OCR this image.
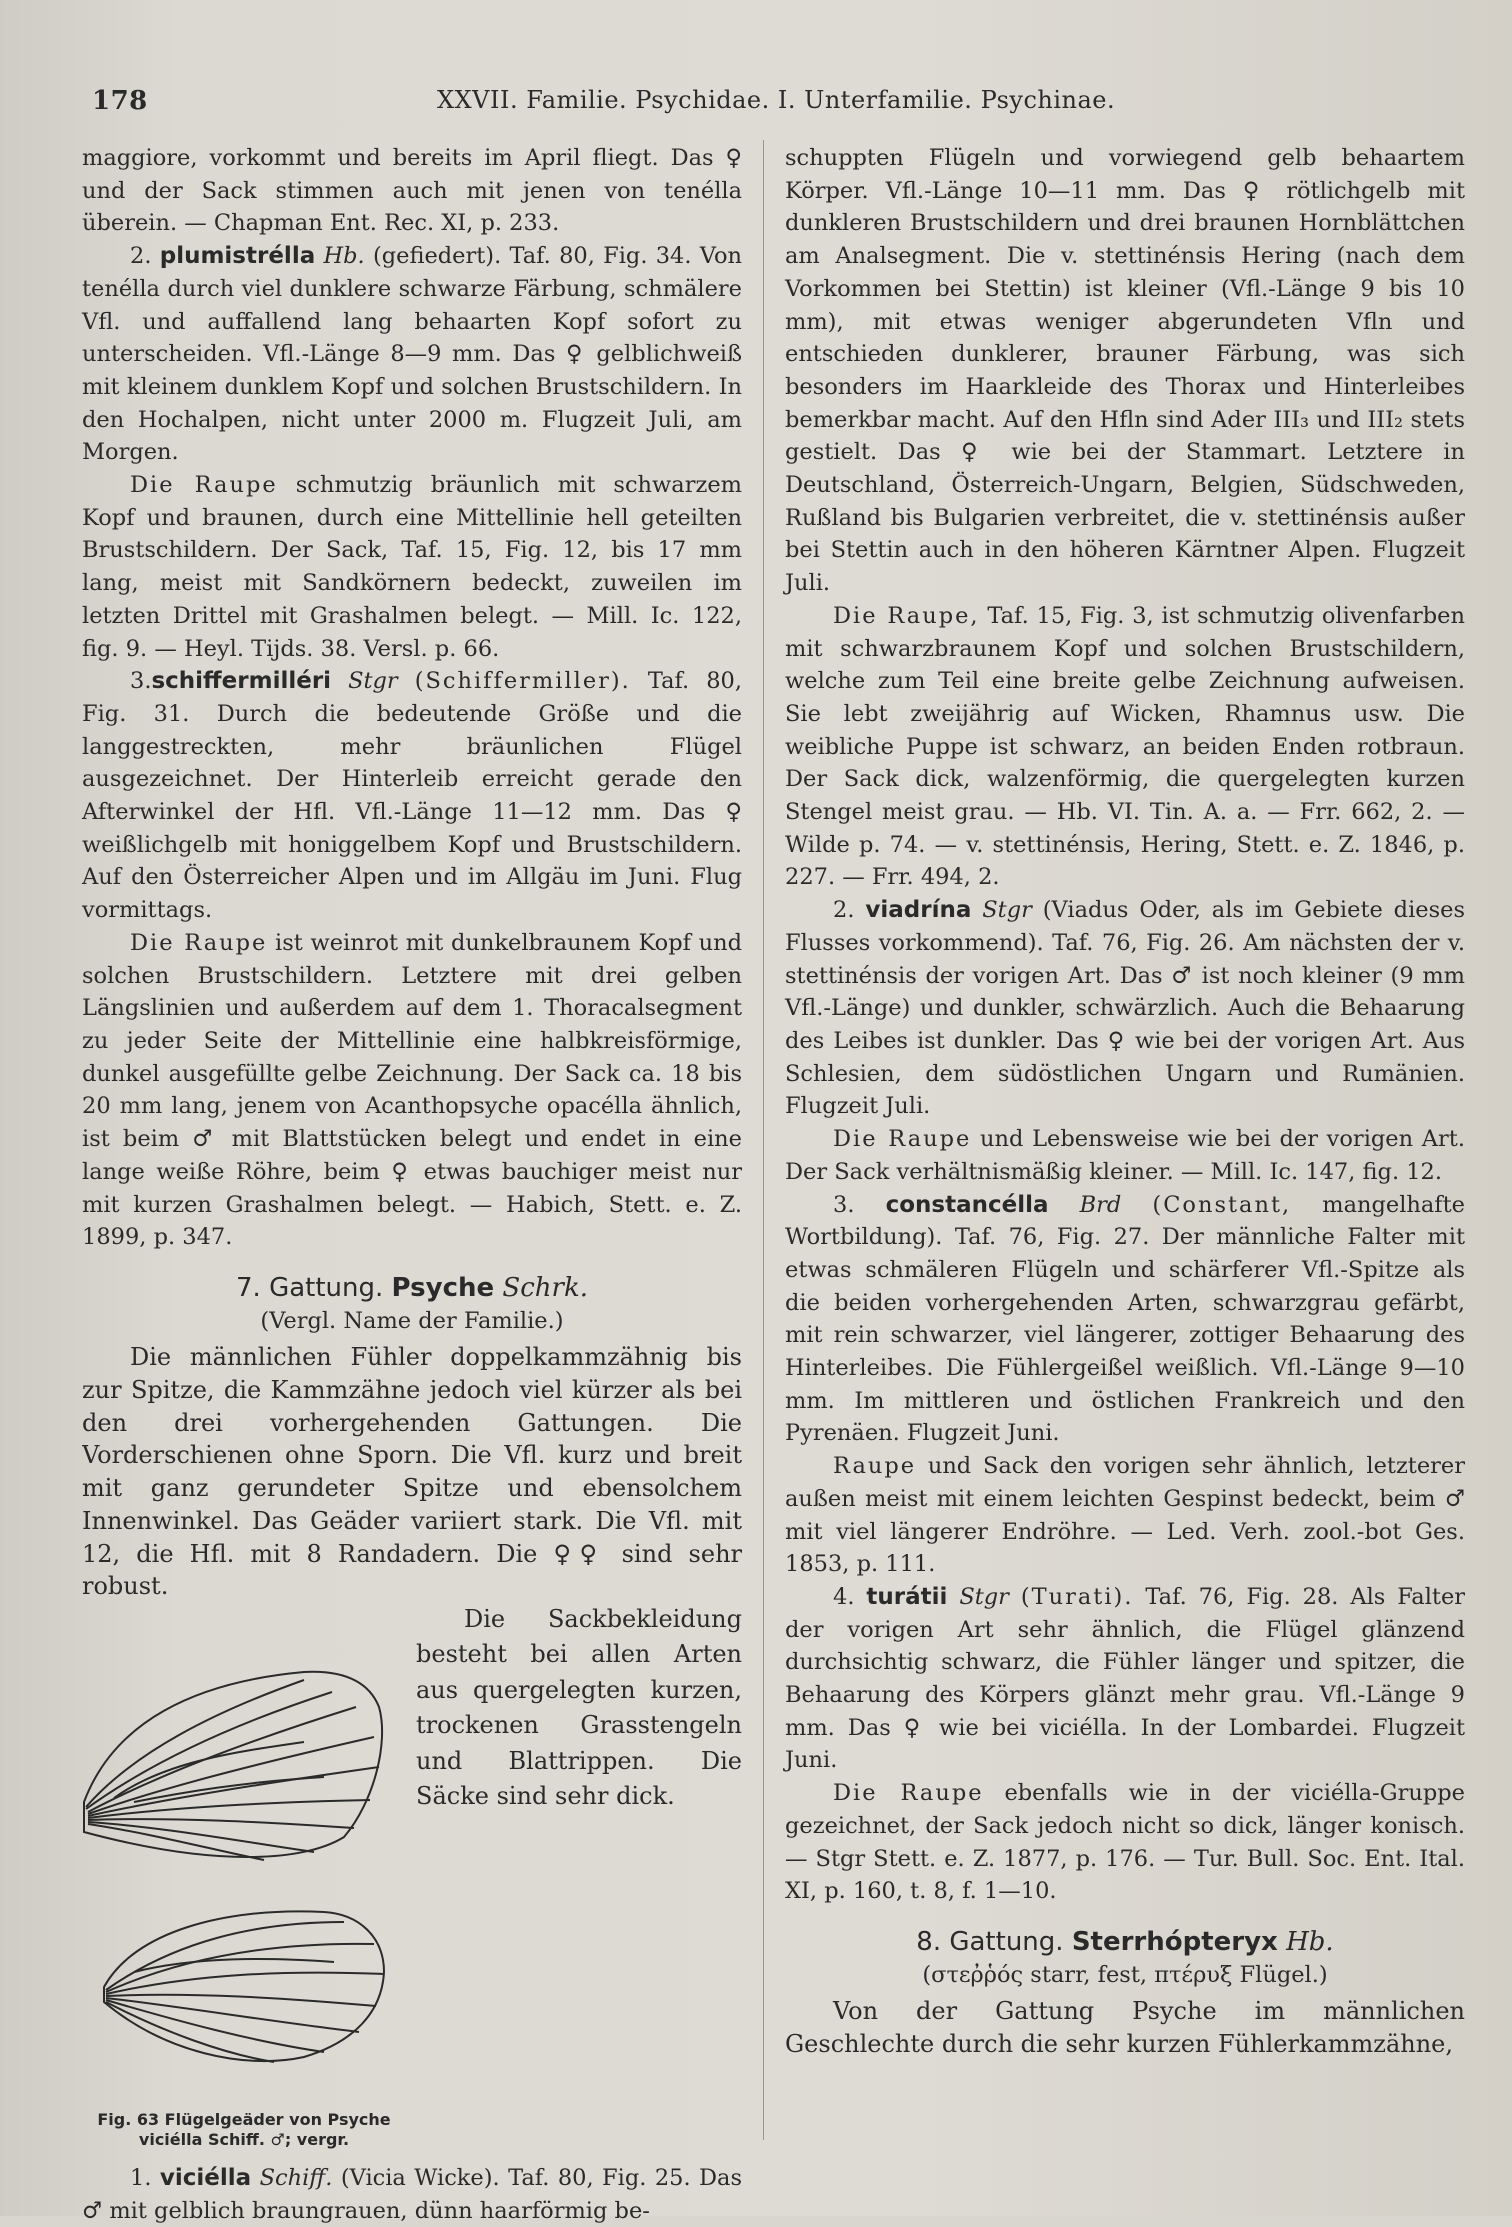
178	XXVII. Familie. Psychidae. I. Unterfamilie. Psychinae.

maggiore, vorkommt und bereits im April fliegt. Das ♀ und der Sack stimmen auch mit jenen von tenélla überein. — Chapman Ent. Rec. XI, p. 233.

2. plumistrélla Hb. (gefiedert). Taf. 80, Fig. 34. Von tenélla durch viel dunklere schwarze Färbung, schmälere Vfl. und auffallend lang behaarten Kopf sofort zu unterscheiden. Vfl.-Länge 8—9 mm. Das ♀ gelblichweiß mit kleinem dunklem Kopf und solchen Brustschildern. In den Hochalpen, nicht unter 2000 m. Flugzeit Juli, am Morgen.

Die Raupe schmutzig bräunlich mit schwarzem Kopf und braunen, durch eine Mittellinie hell geteilten Brustschildern. Der Sack, Taf. 15, Fig. 12, bis 17 mm lang, meist mit Sandkörnern bedeckt, zuweilen im letzten Drittel mit Grashalmen belegt. — Mill. Ic. 122, fig. 9. — Heyl. Tijds. 38. Versl. p. 66.

3.schiffermilléri Stgr (Schiffermiller). Taf. 80, Fig. 31. Durch die bedeutende Größe und die langgestreckten, mehr bräunlichen Flügel ausgezeichnet. Der Hinterleib erreicht gerade den Afterwinkel der Hfl. Vfl.-Länge 11—12 mm. Das ♀ weißlichgelb mit honiggelbem Kopf und Brustschildern. Auf den Österreicher Alpen und im Allgäu im Juni. Flug vormittags.

Die Raupe ist weinrot mit dunkelbraunem Kopf und solchen Brustschildern. Letztere mit drei gelben Längslinien und außerdem auf dem 1. Thoracalsegment zu jeder Seite der Mittellinie eine halbkreisförmige, dunkel ausgefüllte gelbe Zeichnung. Der Sack ca. 18 bis 20 mm lang, jenem von Acanthopsyche opacélla ähnlich, ist beim ♂ mit Blattstücken belegt und endet in eine lange weiße Röhre, beim ♀ etwas bauchiger meist nur mit kurzen Grashalmen belegt. — Habich, Stett. e. Z. 1899, p. 347.

7. Gattung. Psyche Schrk.
(Vergl. Name der Familie.)

Die männlichen Fühler doppelkammzähnig bis zur Spitze, die Kammzähne jedoch viel kürzer als bei den drei vorhergehenden Gattungen. Die Vorderschienen ohne Sporn. Die Vfl. kurz und breit mit ganz gerundeter Spitze und ebensolchem Innenwinkel. Das Geäder variiert stark. Die Vfl. mit 12, die Hfl. mit 8 Randadern. Die ♀♀ sind sehr robust.

Fig. 63 Flügelgeäder von Psyche viciélla Schiff. ♂; vergr.

Die Sackbekleidung besteht bei allen Arten aus quergelegten kurzen, trockenen Grasstengeln und Blattrippen. Die Säcke sind sehr dick.

1. viciélla Schiff. (Vicia Wicke). Taf. 80, Fig. 25. Das ♂ mit gelblich braungrauen, dünn haarförmig be-

schuppten Flügeln und vorwiegend gelb behaartem Körper. Vfl.-Länge 10—11 mm. Das ♀ rötlichgelb mit dunkleren Brustschildern und drei braunen Hornblättchen am Analsegment. Die v. stettinénsis Hering (nach dem Vorkommen bei Stettin) ist kleiner (Vfl.-Länge 9 bis 10 mm), mit etwas weniger abgerundeten Vfln und entschieden dunklerer, brauner Färbung, was sich besonders im Haarkleide des Thorax und Hinterleibes bemerkbar macht. Auf den Hfln sind Ader III₃ und III₂ stets gestielt. Das ♀ wie bei der Stammart. Letztere in Deutschland, Österreich-Ungarn, Belgien, Südschweden, Rußland bis Bulgarien verbreitet, die v. stettinénsis außer bei Stettin auch in den höheren Kärntner Alpen. Flugzeit Juli.

Die Raupe, Taf. 15, Fig. 3, ist schmutzig olivenfarben mit schwarzbraunem Kopf und solchen Brustschildern, welche zum Teil eine breite gelbe Zeichnung aufweisen. Sie lebt zweijährig auf Wicken, Rhamnus usw. Die weibliche Puppe ist schwarz, an beiden Enden rotbraun. Der Sack dick, walzenförmig, die quergelegten kurzen Stengel meist grau. — Hb. VI. Tin. A. a. — Frr. 662, 2. — Wilde p. 74. — v. stettinénsis, Hering, Stett. e. Z. 1846, p. 227. — Frr. 494, 2.

2. viadrína Stgr (Viadus Oder, als im Gebiete dieses Flusses vorkommend). Taf. 76, Fig. 26. Am nächsten der v. stettinénsis der vorigen Art. Das ♂ ist noch kleiner (9 mm Vfl.-Länge) und dunkler, schwärzlich. Auch die Behaarung des Leibes ist dunkler. Das ♀ wie bei der vorigen Art. Aus Schlesien, dem südöstlichen Ungarn und Rumänien. Flugzeit Juli.

Die Raupe und Lebensweise wie bei der vorigen Art. Der Sack verhältnismäßig kleiner. — Mill. Ic. 147, fig. 12.

3. constancélla Brd (Constant, mangelhafte Wortbildung). Taf. 76, Fig. 27. Der männliche Falter mit etwas schmäleren Flügeln und schärferer Vfl.-Spitze als die beiden vorhergehenden Arten, schwarzgrau gefärbt, mit rein schwarzer, viel längerer, zottiger Behaarung des Hinterleibes. Die Fühlergeißel weißlich. Vfl.-Länge 9—10 mm. Im mittleren und östlichen Frankreich und den Pyrenäen. Flugzeit Juni.

Raupe und Sack den vorigen sehr ähnlich, letzterer außen meist mit einem leichten Gespinst bedeckt, beim ♂ mit viel längerer Endröhre. — Led. Verh. zool.-bot Ges. 1853, p. 111.

4. turátii Stgr (Turati). Taf. 76, Fig. 28. Als Falter der vorigen Art sehr ähnlich, die Flügel glänzend durchsichtig schwarz, die Fühler länger und spitzer, die Behaarung des Körpers glänzt mehr grau. Vfl.-Länge 9 mm. Das ♀ wie bei viciélla. In der Lombardei. Flugzeit Juni.

Die Raupe ebenfalls wie in der viciélla-Gruppe gezeichnet, der Sack jedoch nicht so dick, länger konisch. — Stgr Stett. e. Z. 1877, p. 176. — Tur. Bull. Soc. Ent. Ital. XI, p. 160, t. 8, f. 1—10.

8. Gattung. Sterrhópteryx Hb.
(στεῤῥός starr, fest, πτέρυξ Flügel.)

Von der Gattung Psyche im männlichen Geschlechte durch die sehr kurzen Fühlerkammzähne,
